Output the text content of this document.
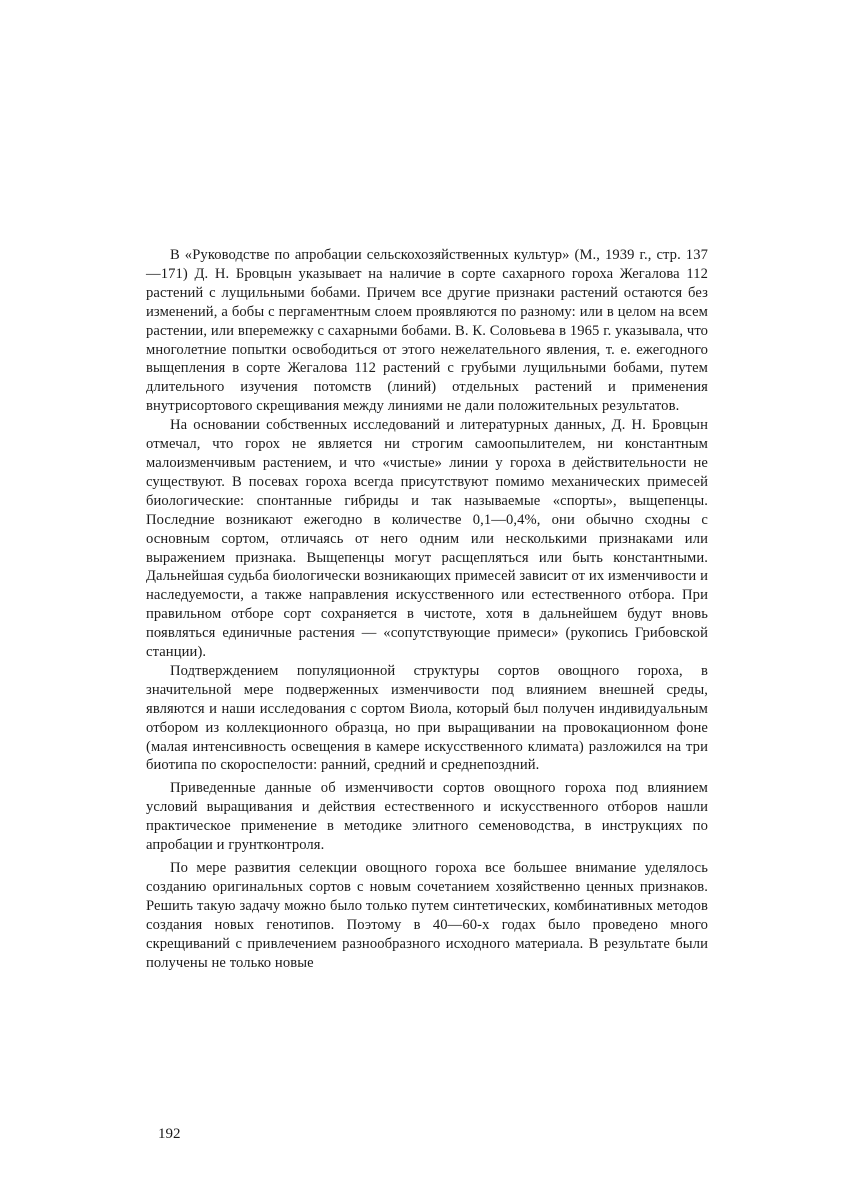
В «Руководстве по апробации сельскохозяйственных культур» (М., 1939 г., стр. 137—171) Д. Н. Бровцын указывает на наличие в сорте сахарного гороха Жегалова 112 растений с лущильными бобами. Причем все другие признаки растений остаются без изменений, а бобы с пергаментным слоем проявляются по разному: или в целом на всем растении, или вперемежку с сахарными бобами. В. К. Соловьева в 1965 г. указывала, что многолетние попытки освободиться от этого нежелательного явления, т. е. ежегодного выщепления в сорте Жегалова 112 растений с грубыми лущильными бобами, путем длительного изучения потомств (линий) отдельных растений и применения внутрисортового скрещивания между линиями не дали положительных результатов.

На основании собственных исследований и литературных данных, Д. Н. Бровцын отмечал, что горох не является ни строгим самоопылителем, ни константным малоизменчивым растением, и что «чистые» линии у гороха в действительности не существуют. В посевах гороха всегда присутствуют помимо механических примесей биологические: спонтанные гибриды и так называемые «спорты», выщепенцы. Последние возникают ежегодно в количестве 0,1—0,4%, они обычно сходны с основным сортом, отличаясь от него одним или несколькими признаками или выражением признака. Выщепенцы могут расщепляться или быть константными. Дальнейшая судьба биологически возникающих примесей зависит от их изменчивости и наследуемости, а также направления искусственного или естественного отбора. При правильном отборе сорт сохраняется в чистоте, хотя в дальнейшем будут вновь появляться единичные растения — «сопутствующие примеси» (рукопись Грибовской станции).

Подтверждением популяционной структуры сортов овощного гороха, в значительной мере подверженных изменчивости под влиянием внешней среды, являются и наши исследования с сортом Виола, который был получен индивидуальным отбором из коллекционного образца, но при выращивании на провокационном фоне (малая интенсивность освещения в камере искусственного климата) разложился на три биотипа по скороспелости: ранний, средний и среднепоздний.

Приведенные данные об изменчивости сортов овощного гороха под влиянием условий выращивания и действия естественного и искусственного отборов нашли практическое применение в методике элитного семеноводства, в инструкциях по апробации и грунтконтроля.

По мере развития селекции овощного гороха все большее внимание уделялось созданию оригинальных сортов с новым сочетанием хозяйственно ценных признаков. Решить такую задачу можно было только путем синтетических, комбинативных методов создания новых генотипов. Поэтому в 40—60-х годах было проведено много скрещиваний с привлечением разнообразного исходного материала. В результате были получены не только новые

192
